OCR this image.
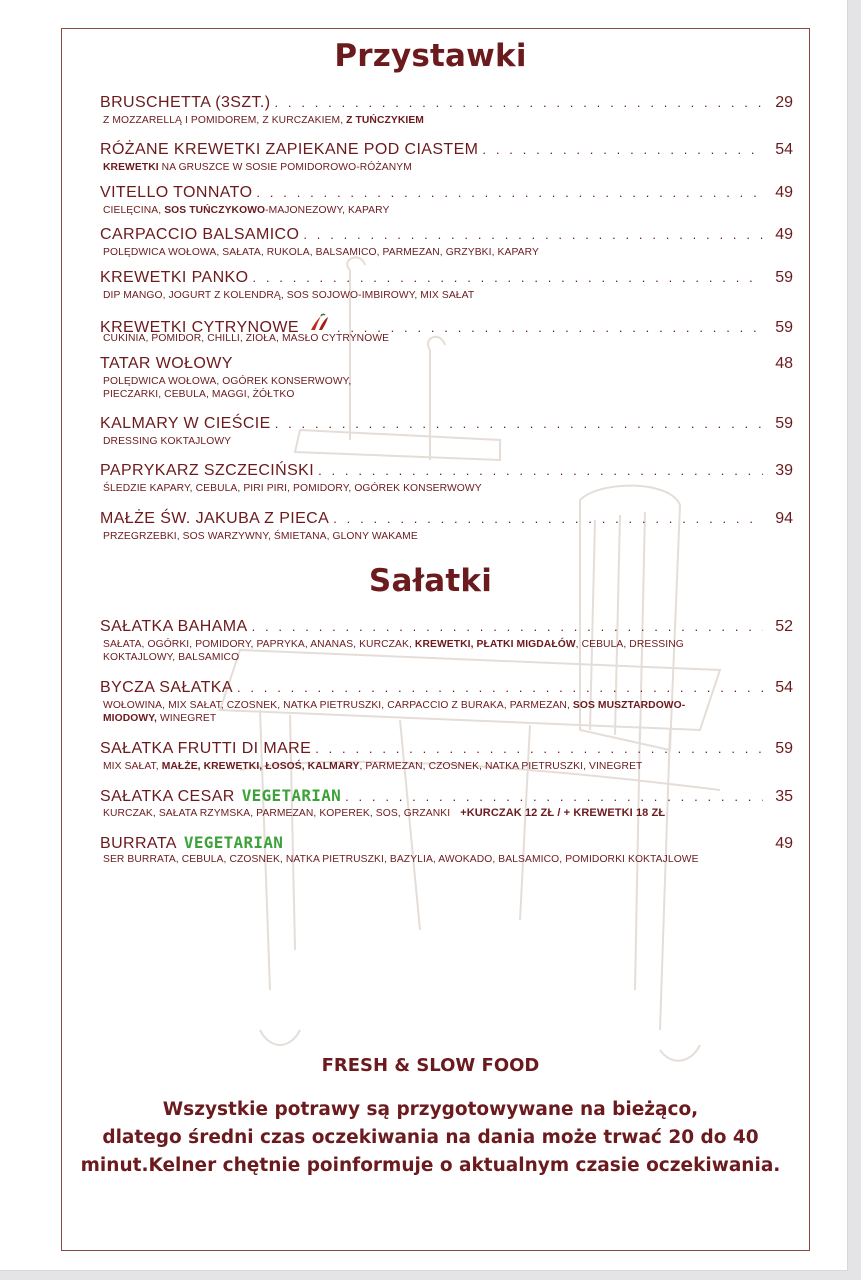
Przystawki
BRUSCHETTA (3SZT.) . . .	29
Z MOZZARELLĄ I POMIDOREM, Z KURCZAKIEM, Z TUŃCZYKIEM
RÓŻANE KREWETKI ZAPIEKANE POD CIASTEM . . .	54
KREWETKI NA GRUSZCE W SOSIE POMIDOROWO-RÓŻANYM
VITELLO TONNATO . . .	49
CIELĘCINA, SOS TUŃCZYKOWO-MAJONEZOWY, KAPARY
CARPACCIO BALSAMICO . . .	49
POLĘDWICA WOŁOWA, SAŁATA, RUKOLA, BALSAMICO, PARMEZAN, GRZYBKI, KAPARY
KREWETKI PANKO . . .	59
DIP MANGO, JOGURT Z KOLENDRĄ, SOS SOJOWO-IMBIROWY, MIX SAŁAT
KREWETKI CYTRYNOWE . . .	59
CUKINIA, POMIDOR, CHILLI, ZIOŁA, MASŁO CYTRYNOWE
TATAR WOŁOWY	48
POLĘDWICA WOŁOWA, OGÓREK KONSERWOWY,
PIECZARKI, CEBULA, MAGGI, ŻÓŁTKO
KALMARY W CIEŚCIE . . .	59
DRESSING KOKTAJLOWY
PAPRYKARZ SZCZECIŃSKI . . .	39
ŚLEDZIE KAPARY, CEBULA, PIRI PIRI, POMIDORY, OGÓREK KONSERWOWY
MAŁŻE ŚW. JAKUBA Z PIECA . . .	94
PRZEGRZEBKI, SOS WARZYWNY, ŚMIETANA, GLONY WAKAME
Sałatki
SAŁATKA BAHAMA . . .	52
SAŁATA, OGÓRKI, POMIDORY, PAPRYKA, ANANAS, KURCZAK, KREWETKI, PŁATKI MIGDAŁÓW, CEBULA, DRESSING
KOKTAJLOWY, BALSAMICO
BYCZA SAŁATKA . . .	54
WOŁOWINA, MIX SAŁAT, CZOSNEK, NATKA PIETRUSZKI, CARPACCIO Z BURAKA, PARMEZAN, SOS MUSZTARDOWO-
MIODOWY, WINEGRET
SAŁATKA FRUTTI DI MARE . . .	59
MIX SAŁAT, MAŁŻE, KREWETKI, ŁOSOŚ, KALMARY, PARMEZAN, CZOSNEK, NATKA PIETRUSZKI, VINEGRET
SAŁATKA CESAR VEGETARIAN . . .	35
KURCZAK, SAŁATA RZYMSKA, PARMEZAN, KOPEREK, SOS, GRZANKI +KURCZAK 12 ZŁ / + KREWETKI 18 ZŁ
BURRATA VEGETARIAN	49
SER BURRATA, CEBULA, CZOSNEK, NATKA PIETRUSZKI, BAZYLIA, AWOKADO, BALSAMICO, POMIDORKI KOKTAJLOWE
FRESH & SLOW FOOD
Wszystkie potrawy są przygotowywane na bieżąco,
dlatego średni czas oczekiwania na dania może trwać 20 do 40
minut.Kelner chętnie poinformuje o aktualnym czasie oczekiwania.
